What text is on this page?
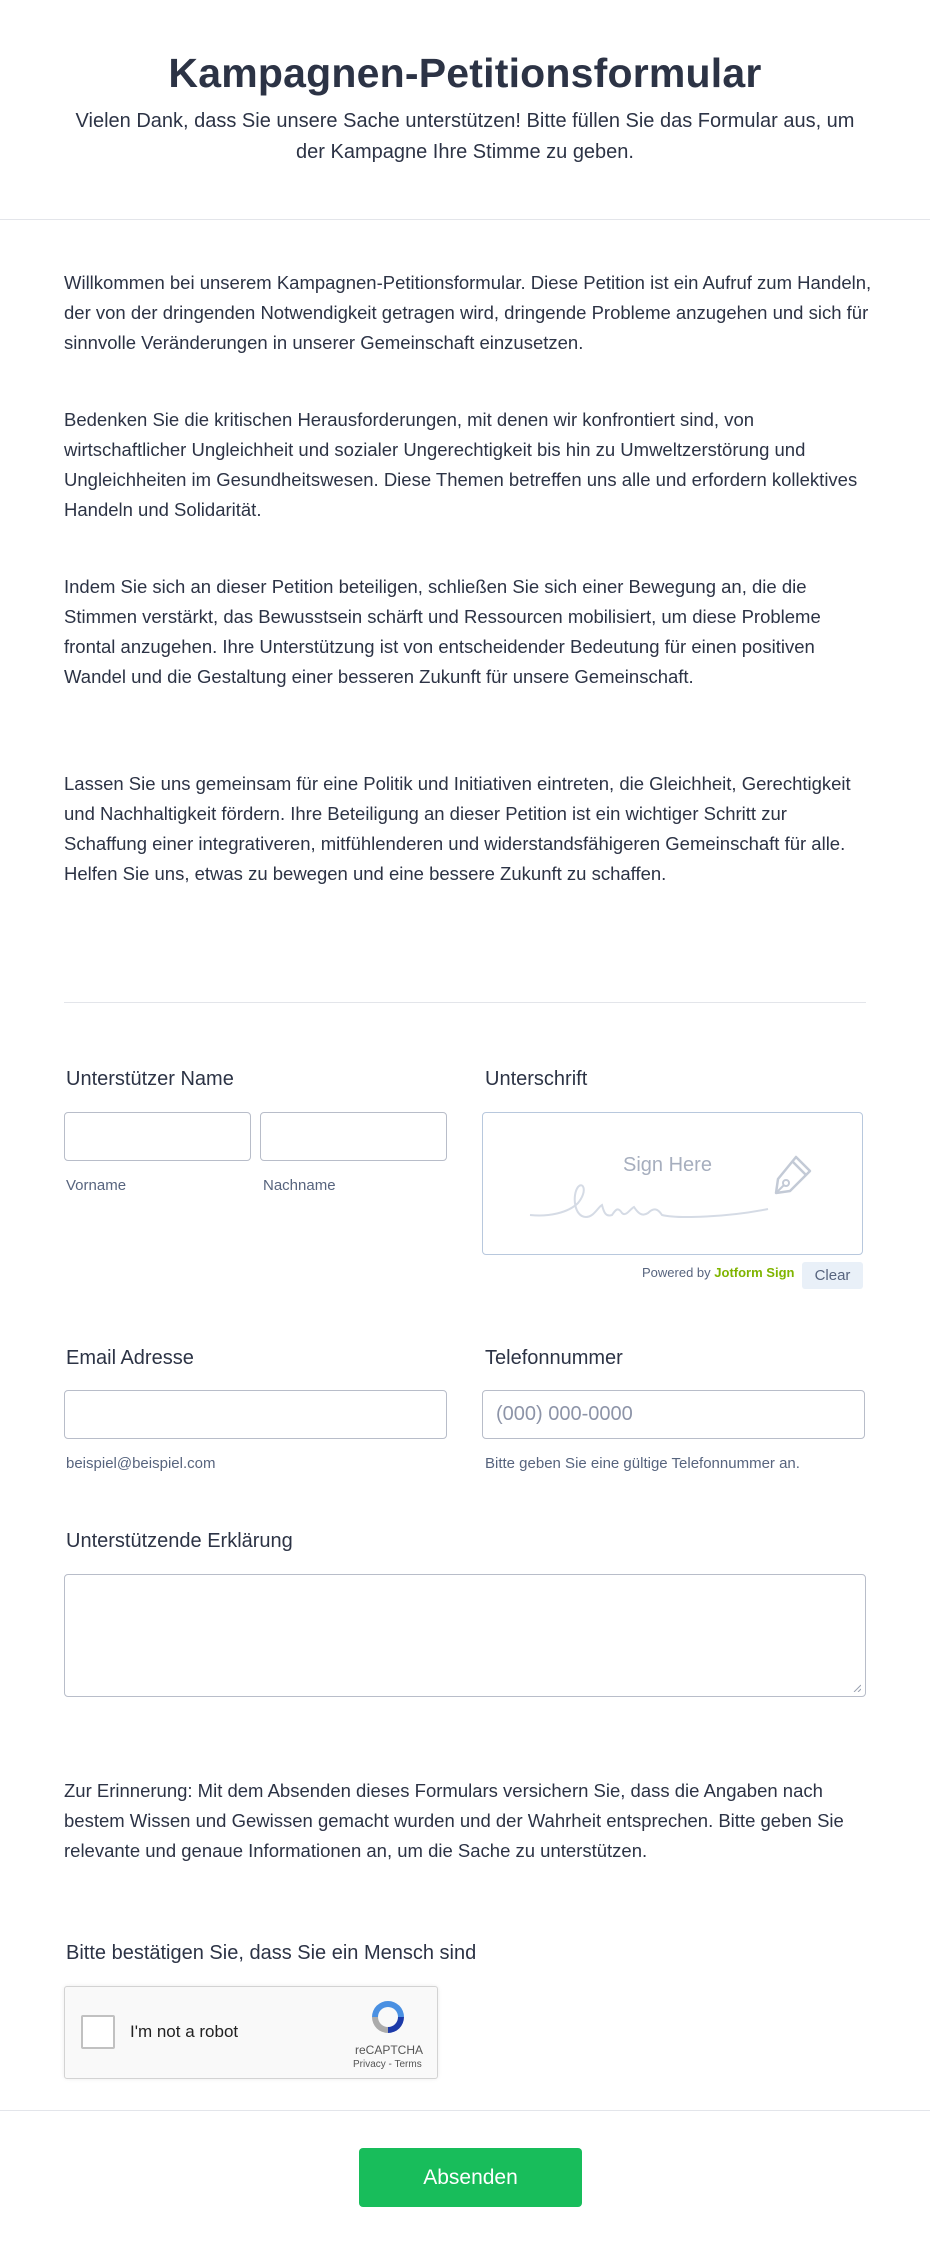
Kampagnen-Petitionsformular
Vielen Dank, dass Sie unsere Sache unterstützen! Bitte füllen Sie das Formular aus, um der Kampagne Ihre Stimme zu geben.
Willkommen bei unserem Kampagnen-Petitionsformular. Diese Petition ist ein Aufruf zum Handeln, der von der dringenden Notwendigkeit getragen wird, dringende Probleme anzugehen und sich für sinnvolle Veränderungen in unserer Gemeinschaft einzusetzen.
Bedenken Sie die kritischen Herausforderungen, mit denen wir konfrontiert sind, von wirtschaftlicher Ungleichheit und sozialer Ungerechtigkeit bis hin zu Umweltzerstörung und Ungleichheiten im Gesundheitswesen. Diese Themen betreffen uns alle und erfordern kollektives Handeln und Solidarität.
Indem Sie sich an dieser Petition beteiligen, schließen Sie sich einer Bewegung an, die die Stimmen verstärkt, das Bewusstsein schärft und Ressourcen mobilisiert, um diese Probleme frontal anzugehen. Ihre Unterstützung ist von entscheidender Bedeutung für einen positiven Wandel und die Gestaltung einer besseren Zukunft für unsere Gemeinschaft.
Lassen Sie uns gemeinsam für eine Politik und Initiativen eintreten, die Gleichheit, Gerechtigkeit und Nachhaltigkeit fördern. Ihre Beteiligung an dieser Petition ist ein wichtiger Schritt zur Schaffung einer integrativeren, mitfühlenderen und widerstandsfähigeren Gemeinschaft für alle. Helfen Sie uns, etwas zu bewegen und eine bessere Zukunft zu schaffen.
Unterstützer Name
Vorname	Nachname
Unterschrift
Sign Here
Powered by Jotform Sign	Clear
Email Adresse
beispiel@beispiel.com
Telefonnummer
(000) 000-0000
Bitte geben Sie eine gültige Telefonnummer an.
Unterstützende Erklärung
Zur Erinnerung: Mit dem Absenden dieses Formulars versichern Sie, dass die Angaben nach bestem Wissen und Gewissen gemacht wurden und der Wahrheit entsprechen. Bitte geben Sie relevante und genaue Informationen an, um die Sache zu unterstützen.
Bitte bestätigen Sie, dass Sie ein Mensch sind
I'm not a robot
reCAPTCHA
Privacy - Terms
Absenden
